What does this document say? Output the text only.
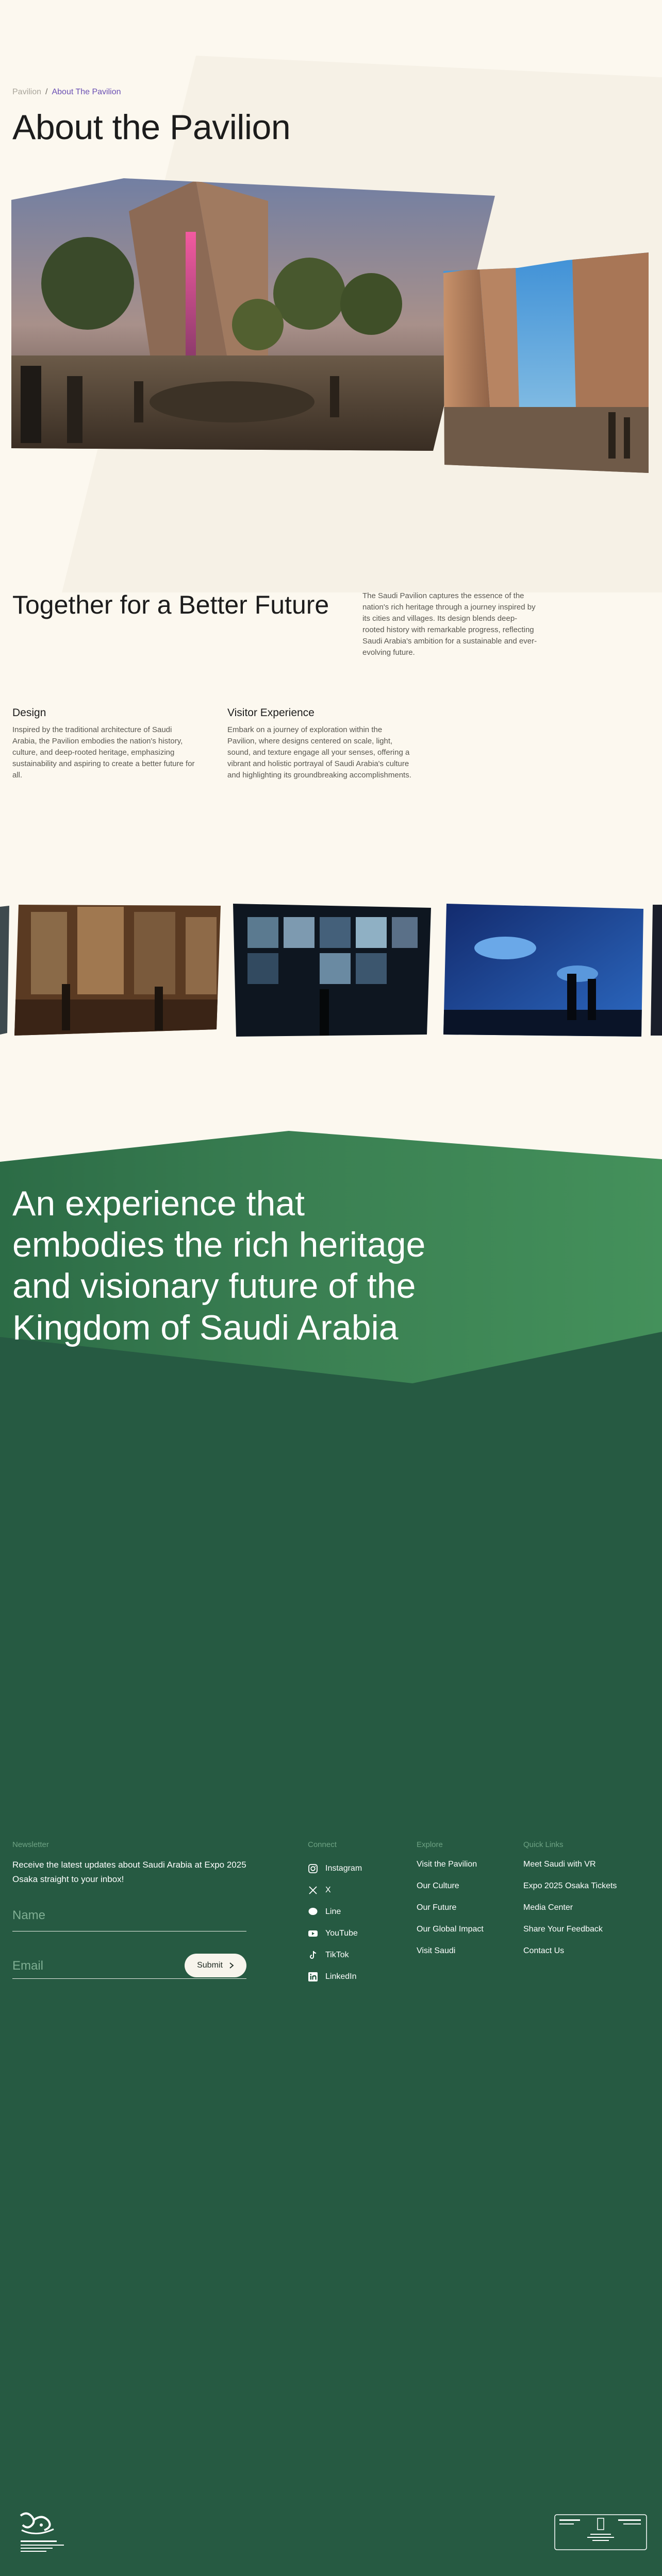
Pavilion / About The Pavilion
About the Pavilion
Together for a Better Future	The Saudi Pavilion captures the essence of the nation's rich heritage through a journey inspired by its cities and villages. Its design blends deep-rooted history with remarkable progress, reflecting Saudi Arabia's ambition for a sustainable and ever-evolving future.

Design

Inspired by the traditional architecture of Saudi Arabia, the Pavilion embodies the nation's history, culture, and deep-rooted heritage, emphasizing sustainability and aspiring to create a better future for all.

Visitor Experience

Embark on a journey of exploration within the Pavilion, where designs centered on scale, light, sound, and texture engage all your senses, offering a vibrant and holistic portrayal of Saudi Arabia's culture and highlighting its groundbreaking accomplishments.

An experience that embodies the rich heritage and visionary future of the Kingdom of Saudi Arabia
Newsletter

Receive the latest updates about Saudi Arabia at Expo 2025 Osaka straight to your inbox!

Name
Email
Submit
Connect
Instagram
X
Line
YouTube
TikTok
LinkedIn
Explore
Visit the Pavilion
Our Culture
Our Future
Our Global Impact
Visit Saudi
Quick Links
Meet Saudi with VR
Expo 2025 Osaka Tickets
Media Center
Share Your Feedback
Contact Us
